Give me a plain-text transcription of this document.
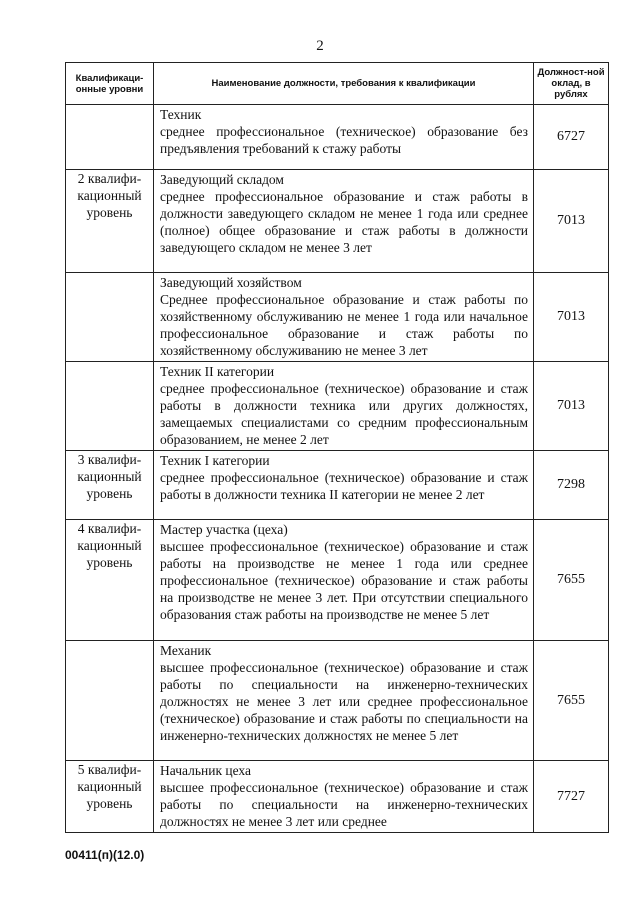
2
Квалификаци-онные уровни	Наименование должности, требования к квалификации	Должност-ной оклад, в рублях

	Техник
среднее профессиональное (техническое) образование без предъявления требований к стажу работы	6727
2 квалифи-кационный уровень	Заведующий складом
среднее профессиональное образование и стаж работы в должности заведующего складом не менее 1 года или среднее (полное) общее образование и стаж работы в должности заведующего складом не менее 3 лет	7013

	Заведующий хозяйством
Среднее профессиональное образование и стаж работы по хозяйственному обслуживанию не менее 1 года или начальное профессиональное образование и стаж работы по хозяйственному обслуживанию не менее 3 лет	7013

	Техник II категории
среднее профессиональное (техническое) образование и стаж работы в должности техника или других должностях, замещаемых специалистами со средним профессиональным образованием, не менее 2 лет	7013
3 квалифи-кационный уровень	Техник I категории
среднее профессиональное (техническое) образование и стаж работы в должности техника II категории не менее 2 лет	7298
4 квалифи-кационный уровень	Мастер участка (цеха)
высшее профессиональное (техническое) образование и стаж работы на производстве не менее 1 года или среднее профессиональное (техническое) образование и стаж работы на производстве не менее 3 лет. При отсутствии специального образования стаж работы на производстве не менее 5 лет	7655

	Механик
высшее профессиональное (техническое) образование и стаж работы по специальности на инженерно-технических должностях не менее 3 лет или среднее профессиональное (техническое) образование и стаж работы по специальности на инженерно-технических должностях не менее 5 лет	7655
5 квалифи-кационный уровень	Начальник цеха
высшее профессиональное (техническое) образование и стаж работы по специальности на инженерно-технических должностях не менее 3 лет или среднее	7727
00411(п)(12.0)
